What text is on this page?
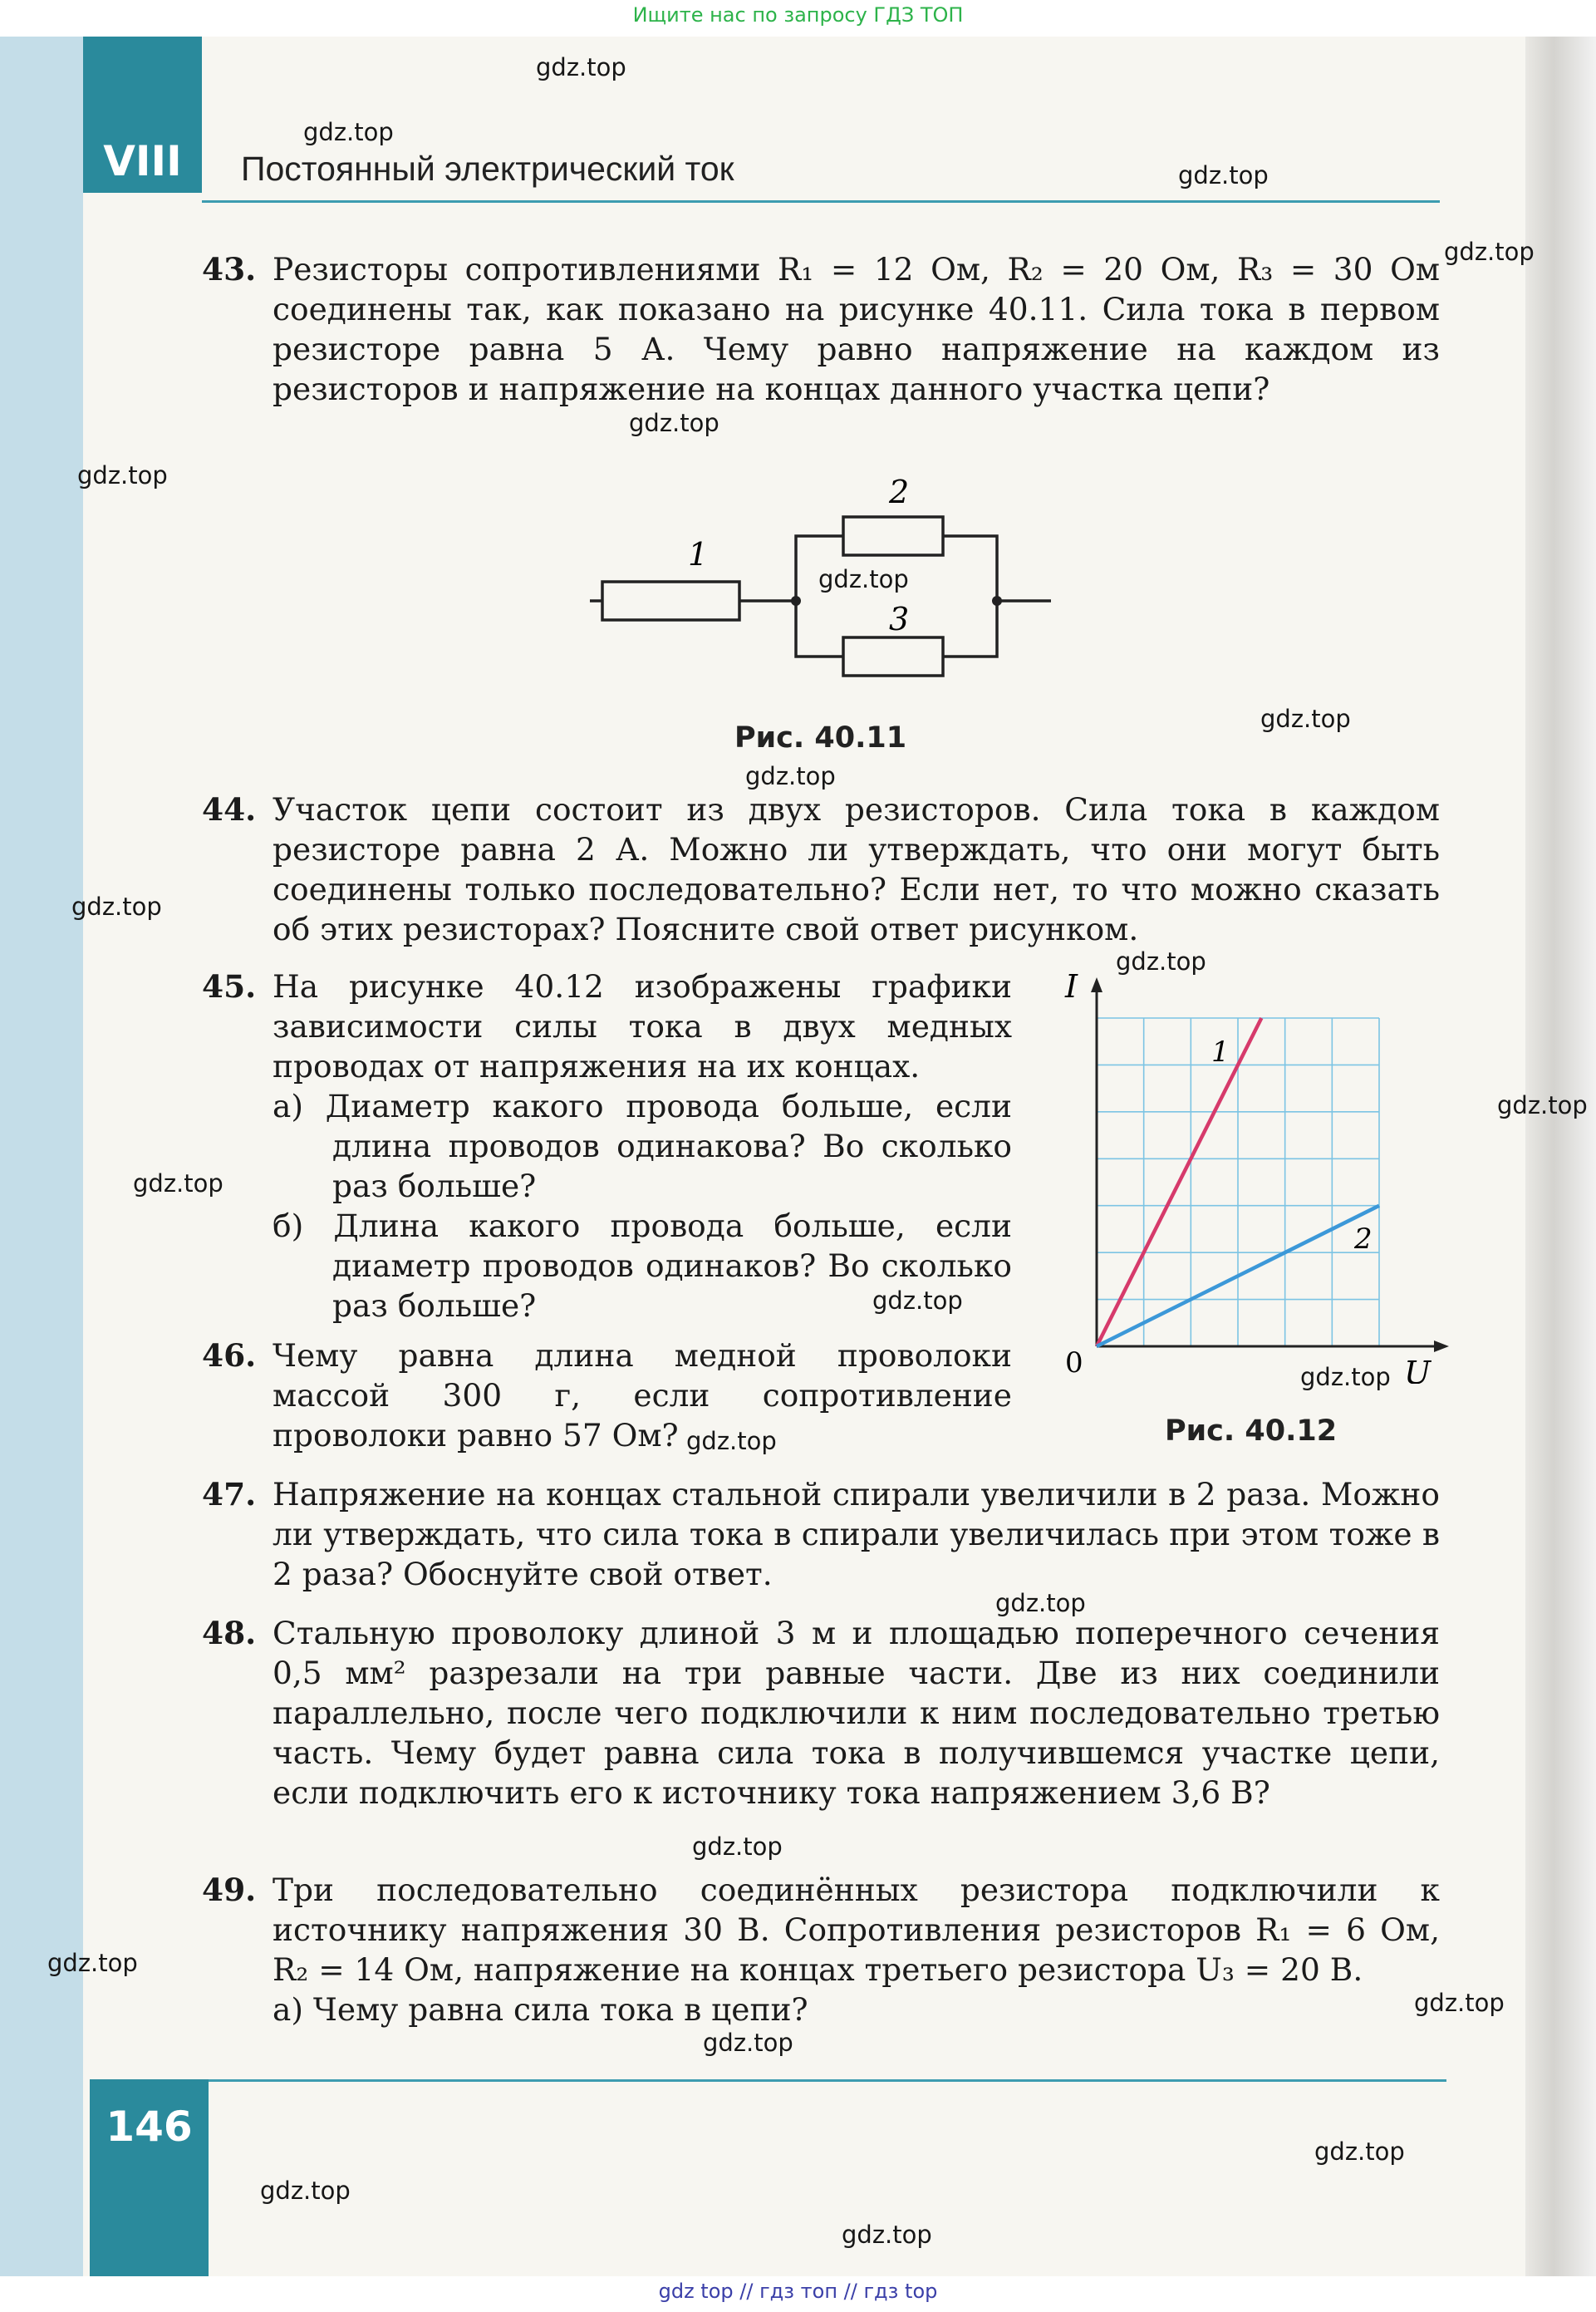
Ищите нас по запросу ГДЗ ТОП
VIII	Постоянный электрический ток
43. Резисторы сопротивлениями R₁ = 12 Ом, R₂ = 20 Ом, R₃ = 30 Ом соединены так, как показано на рисунке 40.11. Сила тока в первом резисторе равна 5 А. Чему равно напряжение на каждом из резисторов и напряжение на концах данного участка цепи?
1
2
3
Рис. 40.11
44. Участок цепи состоит из двух резисторов. Сила тока в каждом резисторе равна 2 А. Можно ли утверждать, что они могут быть соединены только последовательно? Если нет, то что можно сказать об этих резисторах? Поясните свой ответ рисунком.
45. На рисунке 40.12 изображены графики зависимости силы тока в двух медных проводах от напряжения на их концах.
а) Диаметр какого провода больше, если длина проводов одинакова? Во сколько раз больше?
б) Длина какого провода больше, если диаметр проводов одинаков? Во сколько раз больше?
46. Чему равна длина медной проволоки массой 300 г, если сопротивление проволоки равно 57 Ом?
I
U
0
1
2
Рис. 40.12
47. Напряжение на концах стальной спирали увеличили в 2 раза. Можно ли утверждать, что сила тока в спирали увеличилась при этом тоже в 2 раза? Обоснуйте свой ответ.
48. Стальную проволоку длиной 3 м и площадью поперечного сечения 0,5 мм² разрезали на три равные части. Две из них соединили параллельно, после чего подключили к ним последовательно третью часть. Чему будет равна сила тока в получившемся участке цепи, если подключить его к источнику тока напряжением 3,6 В?
49. Три последовательно соединённых резистора подключили к источнику напряжения 30 В. Сопротивления резисторов R₁ = 6 Ом, R₂ = 14 Ом, напряжение на концах третьего резистора U₃ = 20 В.
а) Чему равна сила тока в цепи?
146
gdz.top
gdz.top
gdz.top
gdz.top
gdz.top
gdz.top
gdz.top
gdz.top
gdz.top
gdz.top
gdz.top
gdz.top
gdz.top
gdz.top
gdz.top
gdz.top
gdz.top
gdz.top
gdz.top
gdz.top
gdz.top
gdz.top
gdz.top
gdz.top
gdz top // гдз топ // гдз top
